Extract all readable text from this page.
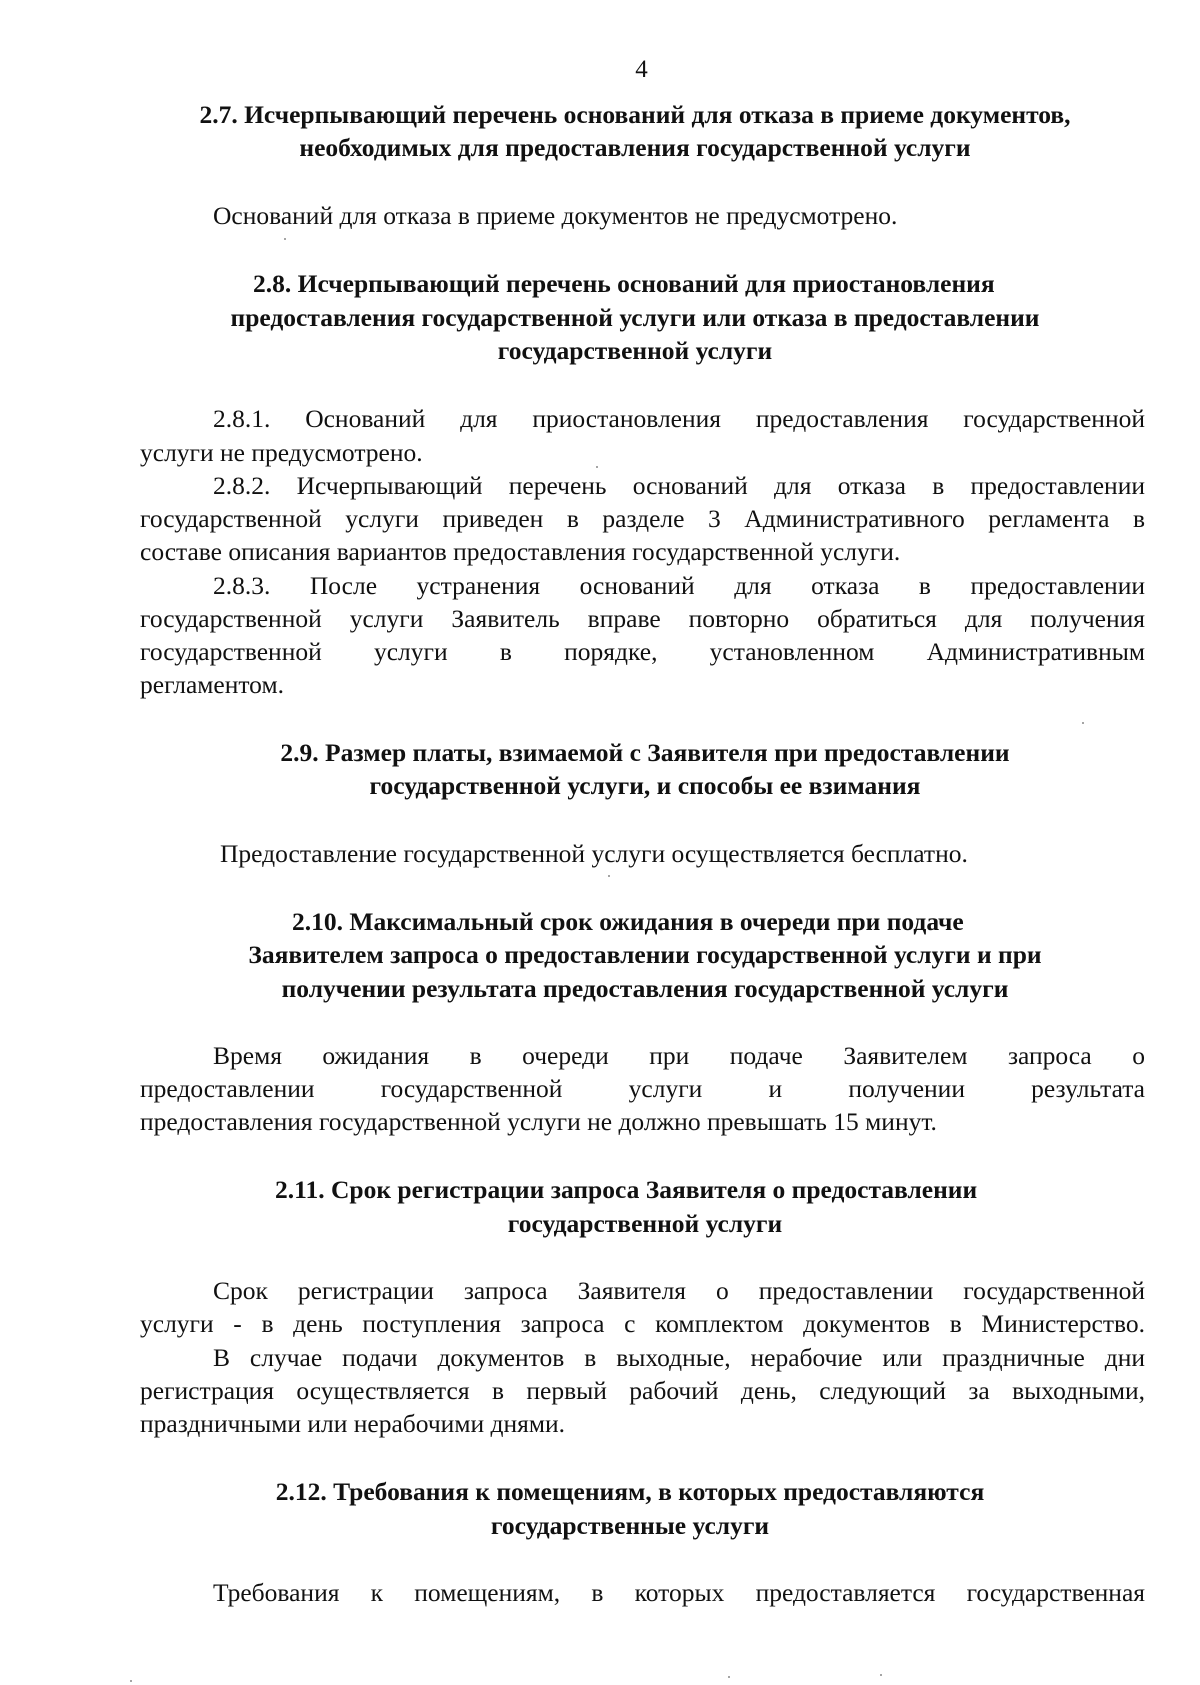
4
2.7. Исчерпывающий перечень оснований для отказа в приеме документов,
необходимых для предоставления государственной услуги
Оснований для отказа в приеме документов не предусмотрено.
2.8. Исчерпывающий перечень оснований для приостановления
предоставления государственной услуги или отказа в предоставлении
государственной услуги
2.8.1. Оснований для приостановления предоставления государственной
услуги не предусмотрено.
2.8.2. Исчерпывающий перечень оснований для отказа в предоставлении
государственной услуги приведен в разделе 3 Административного регламента в
составе описания вариантов предоставления государственной услуги.
2.8.3. После устранения оснований для отказа в предоставлении
государственной услуги Заявитель вправе повторно обратиться для получения
государственной услуги в порядке, установленном Административным
регламентом.
2.9. Размер платы, взимаемой с Заявителя при предоставлении
государственной услуги, и способы ее взимания
Предоставление государственной услуги осуществляется бесплатно.
2.10. Максимальный срок ожидания в очереди при подаче
Заявителем запроса о предоставлении государственной услуги и при
получении результата предоставления государственной услуги
Время ожидания в очереди при подаче Заявителем запроса о
предоставлении государственной услуги и получении результата
предоставления государственной услуги не должно превышать 15 минут.
2.11. Срок регистрации запроса Заявителя о предоставлении
государственной услуги
Срок регистрации запроса Заявителя о предоставлении государственной
услуги - в день поступления запроса с комплектом документов в Министерство.
В случае подачи документов в выходные, нерабочие или праздничные дни
регистрация осуществляется в первый рабочий день, следующий за выходными,
праздничными или нерабочими днями.
2.12. Требования к помещениям, в которых предоставляются
государственные услуги
Требования к помещениям, в которых предоставляется государственная
